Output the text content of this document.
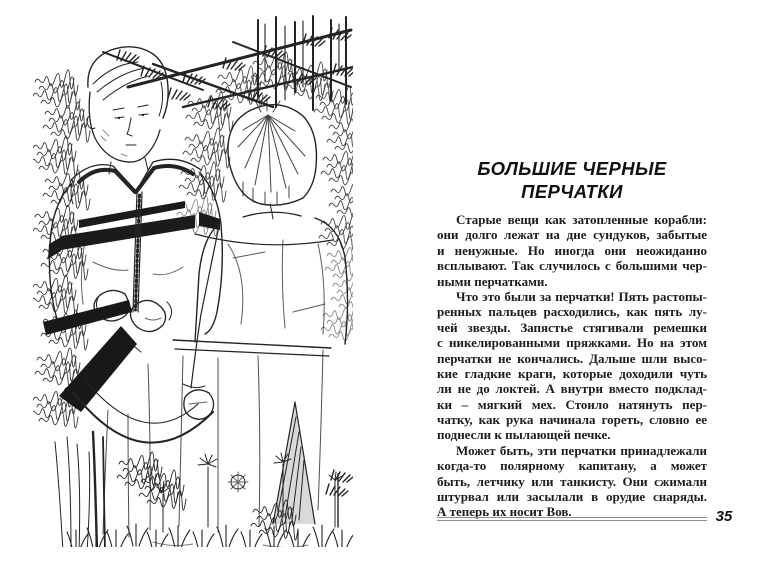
БОЛЬШИЕ ЧЕРНЫЕ
ПЕРЧАТКИ
Старые вещи как затопленные корабли:
они долго лежат на дне сундуков, забытые
и ненужные. Но иногда они неожиданно
всплывают. Так случилось с большими чер-
ными перчатками.
Что это были за перчатки! Пять растопы-
ренных пальцев расходились, как пять лу-
чей звезды. Запястье стягивали ремешки
с никелированными пряжками. Но на этом
перчатки не кончались. Дальше шли высо-
кие гладкие краги, которые доходили чуть
ли не до локтей. А внутри вместо подклад-
ки – мягкий мех. Стоило натянуть пер-
чатку, как рука начинала гореть, словно ее
поднесли к пылающей печке.
Может быть, эти перчатки принадлежали
когда-то полярному капитану, а может
быть, летчику или танкисту. Они сжимали
штурвал или засылали в орудие снаряды.
А теперь их носит Вов.	35
